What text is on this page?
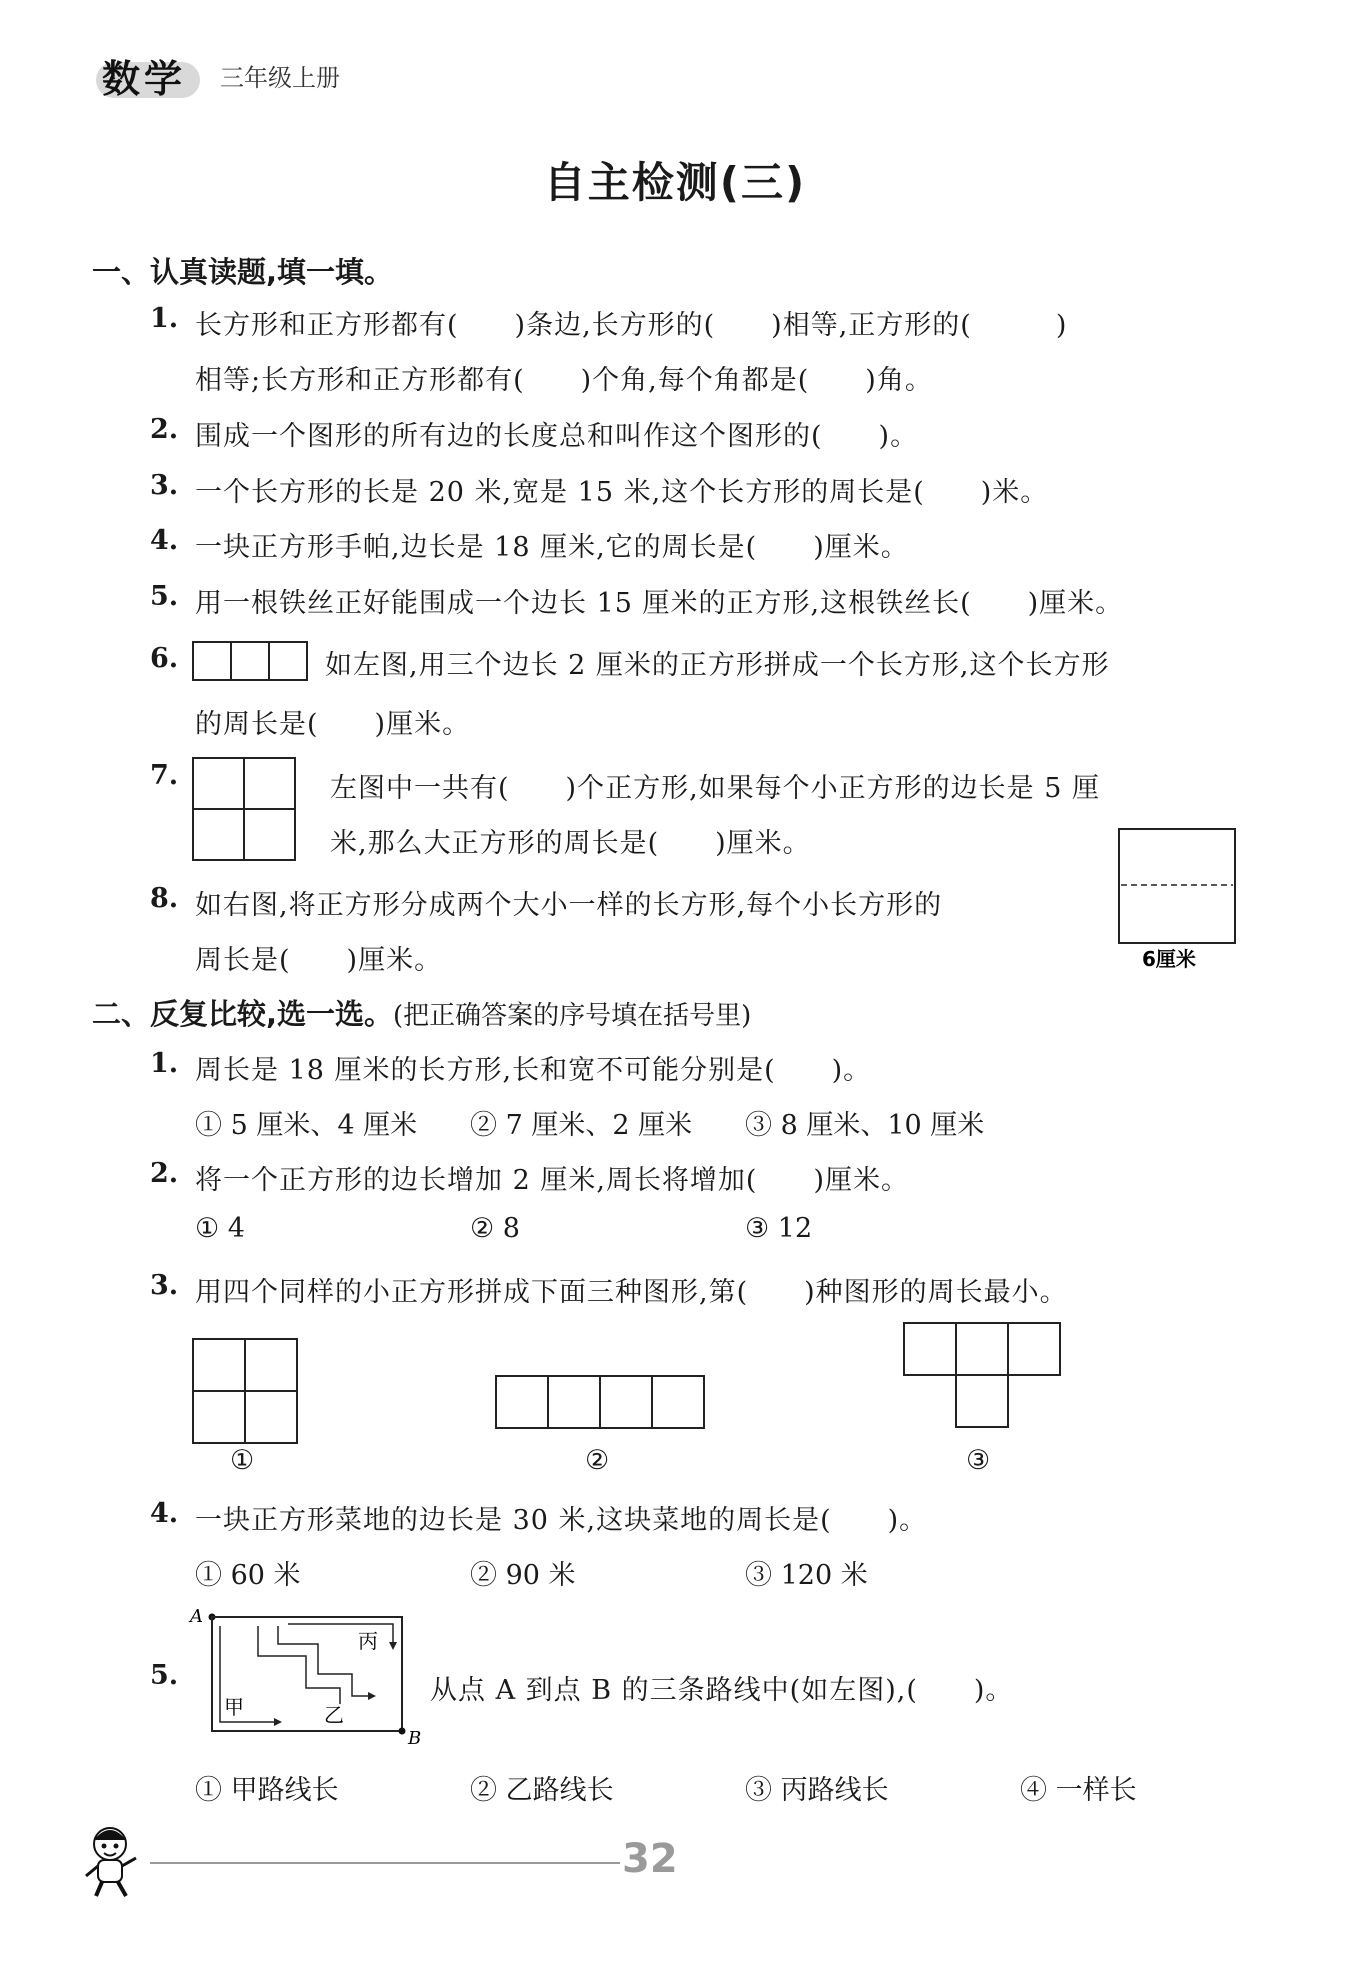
数学 三年级上册
自主检测(三)
一、认真读题,填一填。
1. 长方形和正方形都有(　　)条边,长方形的(　　)相等,正方形的(　　　)
相等;长方形和正方形都有(　　)个角,每个角都是(　　)角。
2. 围成一个图形的所有边的长度总和叫作这个图形的(　　)。
3. 一个长方形的长是 20 米,宽是 15 米,这个长方形的周长是(　　)米。
4. 一块正方形手帕,边长是 18 厘米,它的周长是(　　)厘米。
5. 用一根铁丝正好能围成一个边长 15 厘米的正方形,这根铁丝长(　　)厘米。
6.	如左图,用三个边长 2 厘米的正方形拼成一个长方形,这个长方形
的周长是(　　)厘米。
7.	左图中一共有(　　)个正方形,如果每个小正方形的边长是 5 厘
米,那么大正方形的周长是(　　)厘米。
6厘米
8. 如右图,将正方形分成两个大小一样的长方形,每个小长方形的
周长是(　　)厘米。
二、反复比较,选一选。(把正确答案的序号填在括号里)
1. 周长是 18 厘米的长方形,长和宽不可能分别是(　　)。
① 5 厘米、4 厘米 ② 7 厘米、2 厘米 ③ 8 厘米、10 厘米
2. 将一个正方形的边长增加 2 厘米,周长将增加(　　)厘米。
① 4	② 8	③ 12
3. 用四个同样的小正方形拼成下面三种图形,第(　　)种图形的周长最小。
①	②	③
4. 一块正方形菜地的边长是 30 米,这块菜地的周长是(　　)。
① 60 米	② 90 米	③ 120 米
5.
A
B
甲	乙
丙
从点 A 到点 B 的三条路线中(如左图),(　　)。
① 甲路线长	② 乙路线长	③ 丙路线长	④ 一样长
32
